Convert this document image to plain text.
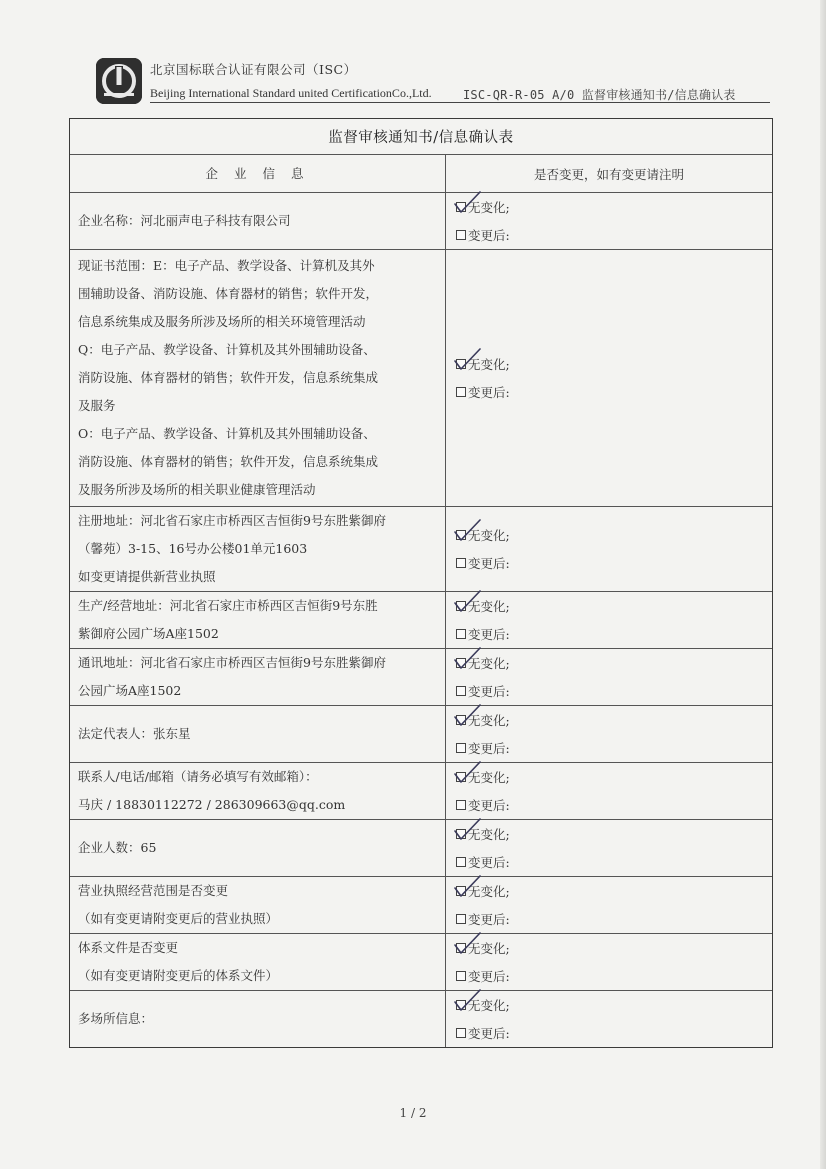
北京国标联合认证有限公司（ISC）
Beijing International Standard united CertificationCo.,Ltd.	ISC-QR-R-05 A/0 监督审核通知书/信息确认表
监督审核通知书/信息确认表
企 业 信 息	是否变更，如有变更请注明
企业名称：河北丽声电子科技有限公司
无变化;
变更后:
现证书范围：E：电子产品、教学设备、计算机及其外
围辅助设备、消防设施、体育器材的销售；软件开发，
信息系统集成及服务所涉及场所的相关环境管理活动
Q：电子产品、教学设备、计算机及其外围辅助设备、
消防设施、体育器材的销售；软件开发，信息系统集成
及服务
O：电子产品、教学设备、计算机及其外围辅助设备、
消防设施、体育器材的销售；软件开发，信息系统集成
及服务所涉及场所的相关职业健康管理活动
无变化;
变更后:
注册地址：河北省石家庄市桥西区吉恒街9号东胜紫御府
（馨苑）3-15、16号办公楼01单元1603
如变更请提供新营业执照
无变化;
变更后:
生产/经营地址：河北省石家庄市桥西区吉恒街9号东胜
紫御府公园广场A座1502
无变化;
变更后:
通讯地址：河北省石家庄市桥西区吉恒街9号东胜紫御府
公园广场A座1502
无变化;
变更后:
法定代表人：张东星
无变化;
变更后:
联系人/电话/邮箱（请务必填写有效邮箱）：
马庆 / 18830112272 / 286309663@qq.com
无变化;
变更后:
企业人数：65
无变化;
变更后:
营业执照经营范围是否变更
（如有变更请附变更后的营业执照）
无变化;
变更后:
体系文件是否变更
（如有变更请附变更后的体系文件）
无变化;
变更后:
多场所信息：
无变化;
变更后:
1 / 2
